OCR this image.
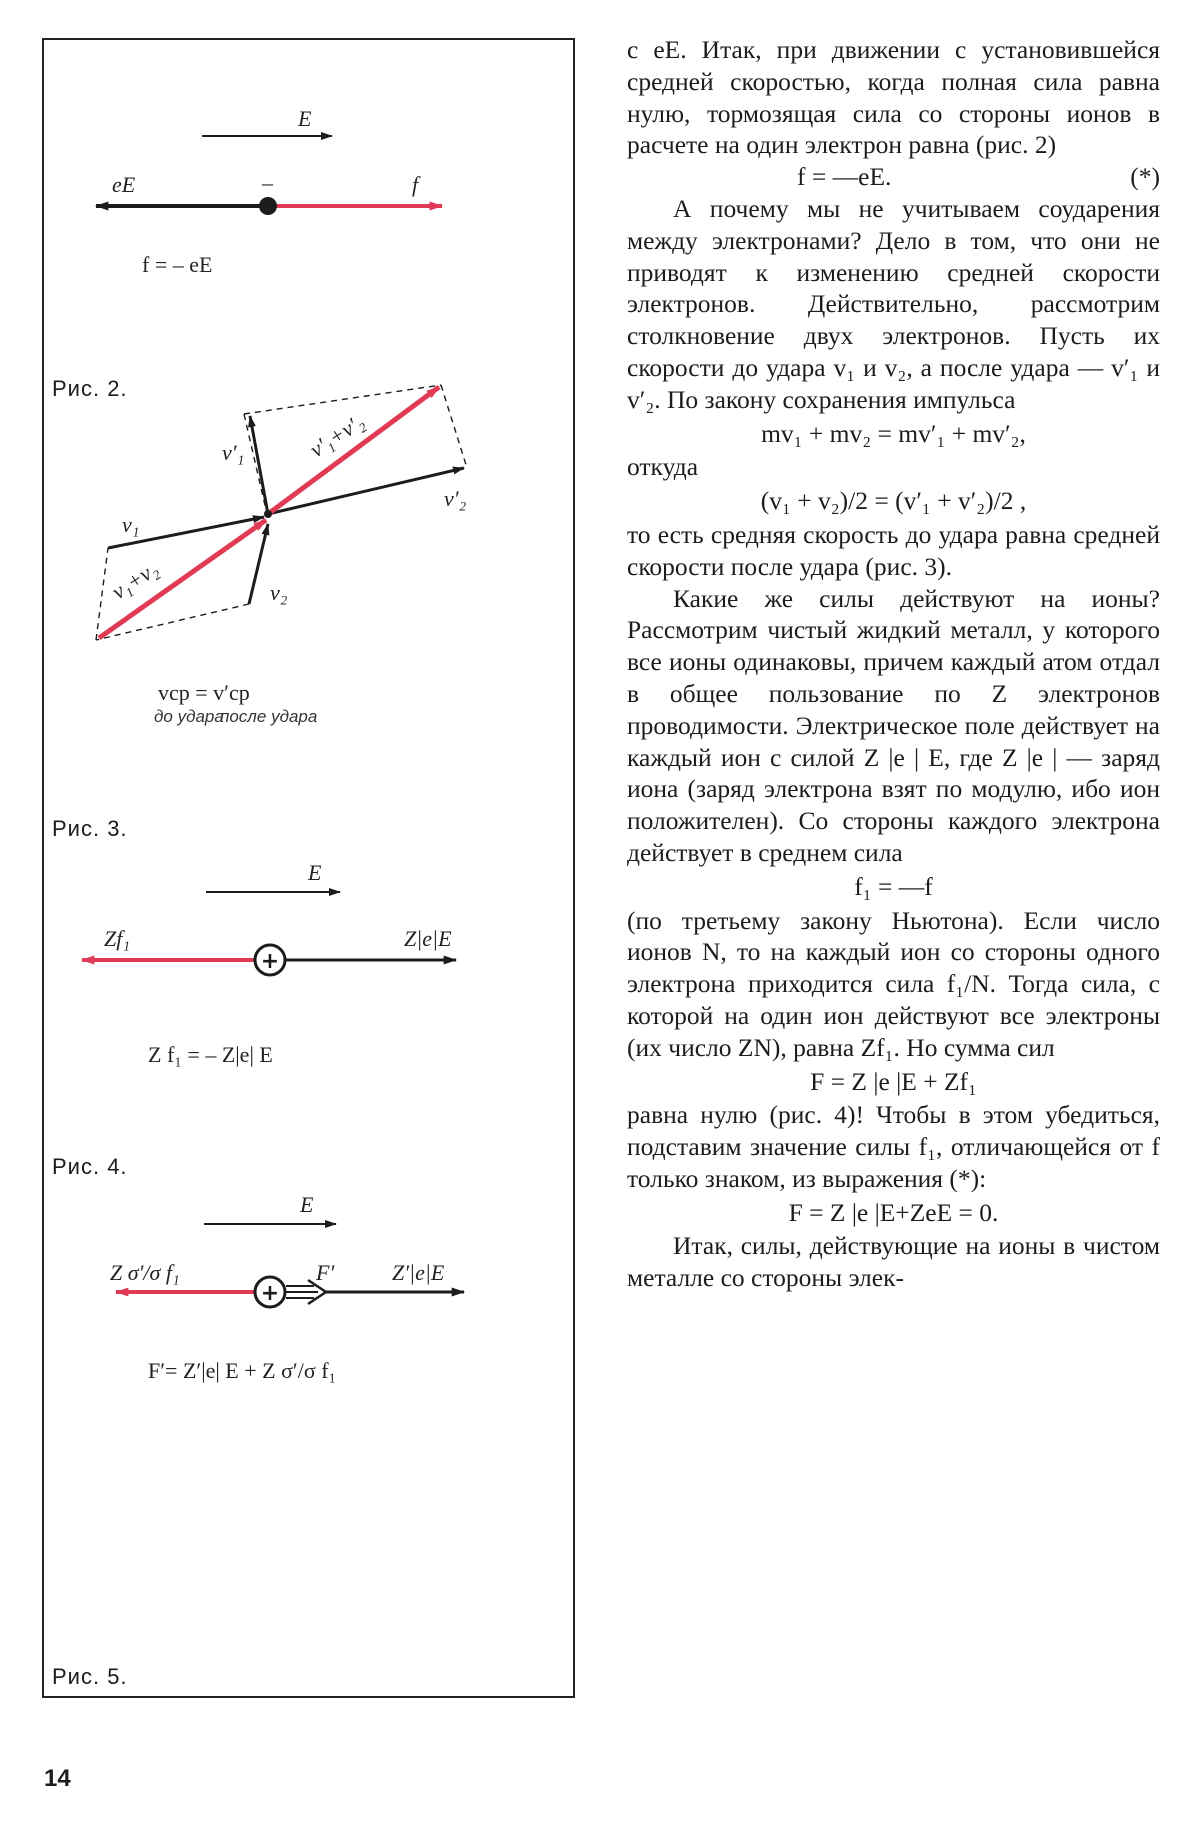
E
eE	f
–
f = – eE
v₁
v₂
v′₁
v′₂
v₁+v₂
v′₁+v′₂
vср = v′ср
до удара
после удара
E
+
Zf₁	Z|e|E
Z f₁ = – Z|e| E
E
+
Z σ′/σ f₁	F′	Z′|e|E
F′= Z′|e| E + Z σ′/σ f₁
Рис. 2.
Рис. 3.
Рис. 4.
Рис. 5.

с eE. Итак, при движении с установившейся средней скоростью, когда полная сила равна нулю, тормозящая сила со стороны ионов в расчете на один электрон равна (рис. 2)

f = —eE.	(*)

А почему мы не учитываем соударения между электронами? Дело в том, что они не приводят к изменению средней скорости электронов. Действительно, рассмотрим столкновение двух электронов. Пусть их скорости до удара v₁ и v₂, а после удара — v′₁ и v′₂. По закону сохранения импульса

mv₁ + mv₂ = mv′₁ + mv′₂,

откуда

(v₁ + v₂)/2 = (v′₁ + v′₂)/2 ,

то есть средняя скорость до удара равна средней скорости после удара (рис. 3).

Какие же силы действуют на ионы? Рассмотрим чистый жидкий металл, у которого все ионы одинаковы, причем каждый атом отдал в общее пользование по Z электронов проводимости. Электрическое поле действует на каждый ион с силой Z |e | E, где Z |e | — заряд иона (заряд электрона взят по модулю, ибо ион положителен). Со стороны каждого электрона действует в среднем сила

f₁ = —f

(по третьему закону Ньютона). Если число ионов N, то на каждый ион со стороны одного электрона приходится сила f₁/N. Тогда сила, с которой на один ион действуют все электроны (их число ZN), равна Zf₁. Но сумма сил

F = Z |e |E + Zf₁

равна нулю (рис. 4)! Чтобы в этом убедиться, подставим значение силы f₁, отличающейся от f только знаком, из выражения (*):

F = Z |e |E+ZeE = 0.

Итак, силы, действующие на ионы в чистом металле со стороны элек-

14
